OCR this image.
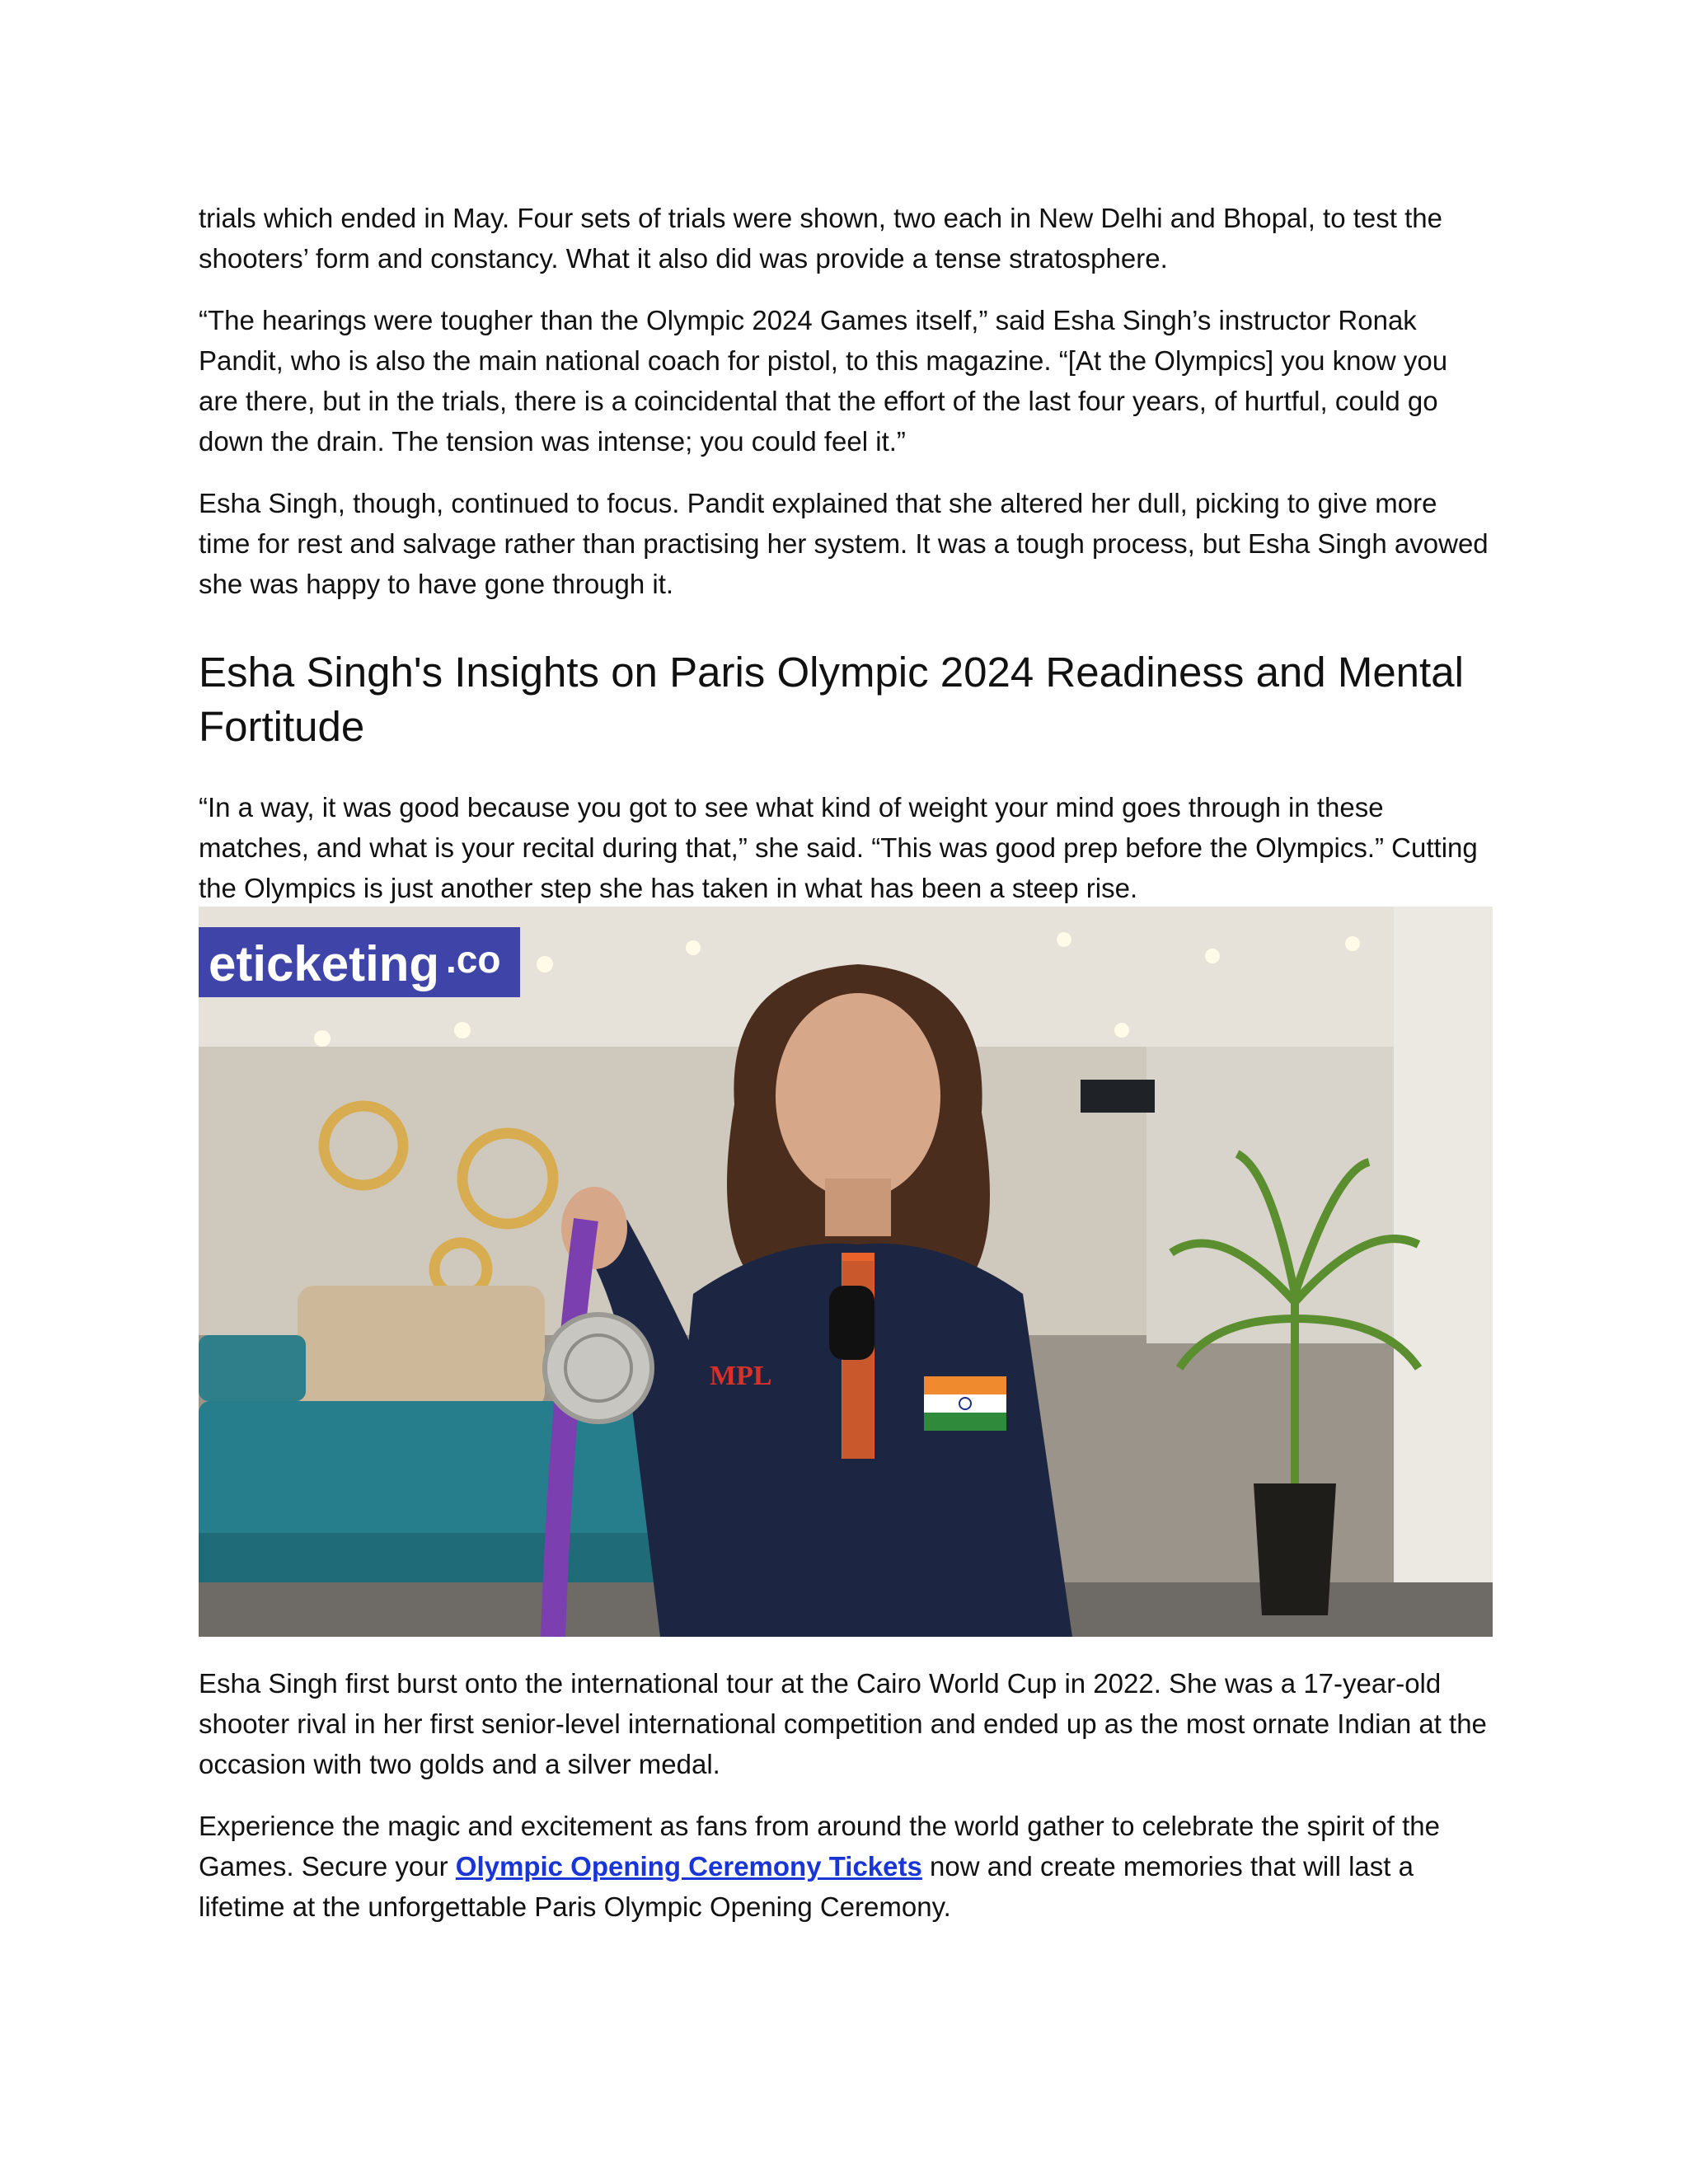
trials which ended in May. Four sets of trials were shown, two each in New Delhi and Bhopal, to test the shooters’ form and constancy. What it also did was provide a tense stratosphere.

“The hearings were tougher than the Olympic 2024 Games itself,” said Esha Singh’s instructor Ronak Pandit, who is also the main national coach for pistol, to this magazine. “[At the Olympics] you know you are there, but in the trials, there is a coincidental that the effort of the last four years, of hurtful, could go down the drain. The tension was intense; you could feel it.”

Esha Singh, though, continued to focus. Pandit explained that she altered her dull, picking to give more time for rest and salvage rather than practising her system. It was a tough process, but Esha Singh avowed she was happy to have gone through it.

Esha Singh's Insights on Paris Olympic 2024 Readiness and Mental Fortitude

“In a way, it was good because you got to see what kind of weight your mind goes through in these matches, and what is your recital during that,” she said. “This was good prep before the Olympics.” Cutting the Olympics is just another step she has taken in what has been a steep rise.

MPL
eticketing .co

Esha Singh first burst onto the international tour at the Cairo World Cup in 2022. She was a 17-year-old shooter rival in her first senior-level international competition and ended up as the most ornate Indian at the occasion with two golds and a silver medal.

Experience the magic and excitement as fans from around the world gather to celebrate the spirit of the Games. Secure your Olympic Opening Ceremony Tickets now and create memories that will last a lifetime at the unforgettable Paris Olympic Opening Ceremony.
